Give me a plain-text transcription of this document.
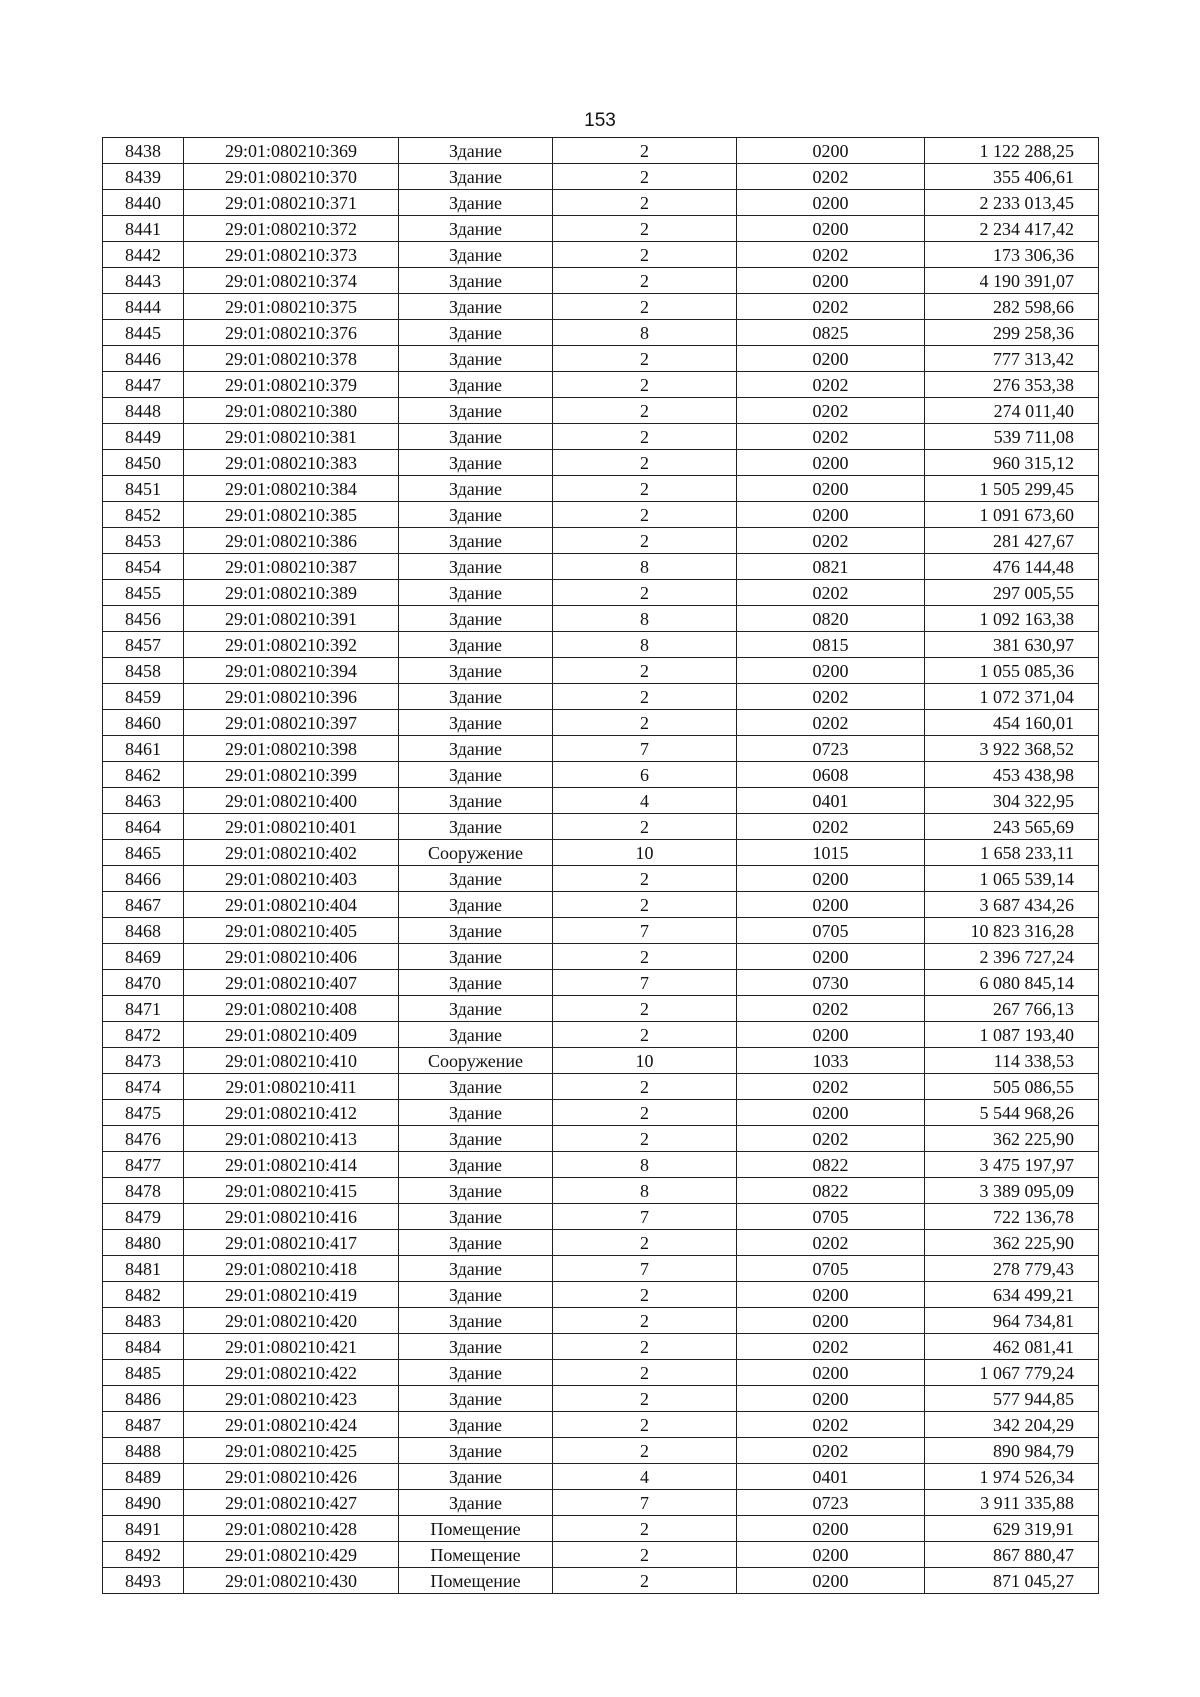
153
8438	29:01:080210:369	Здание	2	0200	1 122 288,25
8439	29:01:080210:370	Здание	2	0202	355 406,61
8440	29:01:080210:371	Здание	2	0200	2 233 013,45
8441	29:01:080210:372	Здание	2	0200	2 234 417,42
8442	29:01:080210:373	Здание	2	0202	173 306,36
8443	29:01:080210:374	Здание	2	0200	4 190 391,07
8444	29:01:080210:375	Здание	2	0202	282 598,66
8445	29:01:080210:376	Здание	8	0825	299 258,36
8446	29:01:080210:378	Здание	2	0200	777 313,42
8447	29:01:080210:379	Здание	2	0202	276 353,38
8448	29:01:080210:380	Здание	2	0202	274 011,40
8449	29:01:080210:381	Здание	2	0202	539 711,08
8450	29:01:080210:383	Здание	2	0200	960 315,12
8451	29:01:080210:384	Здание	2	0200	1 505 299,45
8452	29:01:080210:385	Здание	2	0200	1 091 673,60
8453	29:01:080210:386	Здание	2	0202	281 427,67
8454	29:01:080210:387	Здание	8	0821	476 144,48
8455	29:01:080210:389	Здание	2	0202	297 005,55
8456	29:01:080210:391	Здание	8	0820	1 092 163,38
8457	29:01:080210:392	Здание	8	0815	381 630,97
8458	29:01:080210:394	Здание	2	0200	1 055 085,36
8459	29:01:080210:396	Здание	2	0202	1 072 371,04
8460	29:01:080210:397	Здание	2	0202	454 160,01
8461	29:01:080210:398	Здание	7	0723	3 922 368,52
8462	29:01:080210:399	Здание	6	0608	453 438,98
8463	29:01:080210:400	Здание	4	0401	304 322,95
8464	29:01:080210:401	Здание	2	0202	243 565,69
8465	29:01:080210:402	Сооружение	10	1015	1 658 233,11
8466	29:01:080210:403	Здание	2	0200	1 065 539,14
8467	29:01:080210:404	Здание	2	0200	3 687 434,26
8468	29:01:080210:405	Здание	7	0705	10 823 316,28
8469	29:01:080210:406	Здание	2	0200	2 396 727,24
8470	29:01:080210:407	Здание	7	0730	6 080 845,14
8471	29:01:080210:408	Здание	2	0202	267 766,13
8472	29:01:080210:409	Здание	2	0200	1 087 193,40
8473	29:01:080210:410	Сооружение	10	1033	114 338,53
8474	29:01:080210:411	Здание	2	0202	505 086,55
8475	29:01:080210:412	Здание	2	0200	5 544 968,26
8476	29:01:080210:413	Здание	2	0202	362 225,90
8477	29:01:080210:414	Здание	8	0822	3 475 197,97
8478	29:01:080210:415	Здание	8	0822	3 389 095,09
8479	29:01:080210:416	Здание	7	0705	722 136,78
8480	29:01:080210:417	Здание	2	0202	362 225,90
8481	29:01:080210:418	Здание	7	0705	278 779,43
8482	29:01:080210:419	Здание	2	0200	634 499,21
8483	29:01:080210:420	Здание	2	0200	964 734,81
8484	29:01:080210:421	Здание	2	0202	462 081,41
8485	29:01:080210:422	Здание	2	0200	1 067 779,24
8486	29:01:080210:423	Здание	2	0200	577 944,85
8487	29:01:080210:424	Здание	2	0202	342 204,29
8488	29:01:080210:425	Здание	2	0202	890 984,79
8489	29:01:080210:426	Здание	4	0401	1 974 526,34
8490	29:01:080210:427	Здание	7	0723	3 911 335,88
8491	29:01:080210:428	Помещение	2	0200	629 319,91
8492	29:01:080210:429	Помещение	2	0200	867 880,47
8493	29:01:080210:430	Помещение	2	0200	871 045,27
